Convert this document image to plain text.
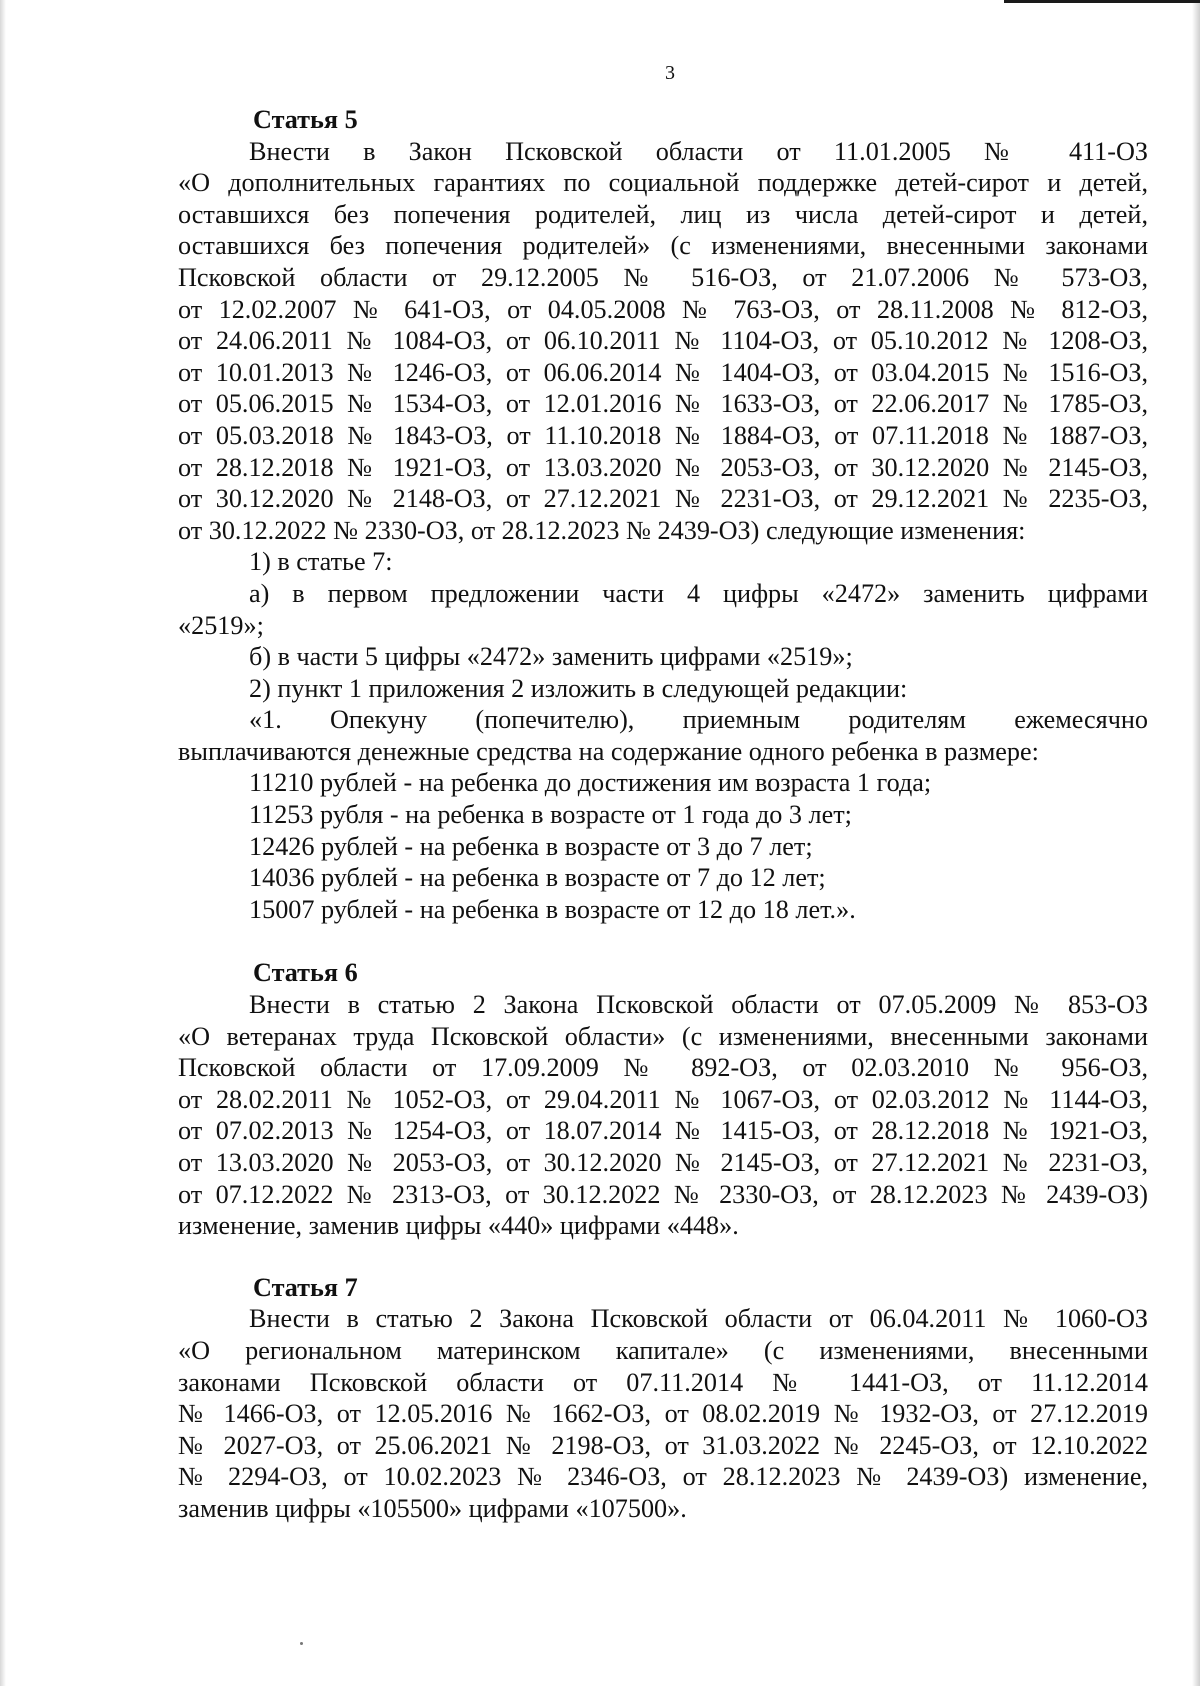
3
Статья 5
Внести в Закон Псковской области от 11.01.2005 № 411-ОЗ
«О дополнительных гарантиях по социальной поддержке детей-сирот и детей,
оставшихся без попечения родителей, лиц из числа детей-сирот и детей,
оставшихся без попечения родителей» (с изменениями, внесенными законами
Псковской области от 29.12.2005 № 516-ОЗ, от 21.07.2006 № 573-ОЗ,
от 12.02.2007 № 641-ОЗ, от 04.05.2008 № 763-ОЗ, от 28.11.2008 № 812-ОЗ,
от 24.06.2011 № 1084-ОЗ, от 06.10.2011 № 1104-ОЗ, от 05.10.2012 № 1208-ОЗ,
от 10.01.2013 № 1246-ОЗ, от 06.06.2014 № 1404-ОЗ, от 03.04.2015 № 1516-ОЗ,
от 05.06.2015 № 1534-ОЗ, от 12.01.2016 № 1633-ОЗ, от 22.06.2017 № 1785-ОЗ,
от 05.03.2018 № 1843-ОЗ, от 11.10.2018 № 1884-ОЗ, от 07.11.2018 № 1887-ОЗ,
от 28.12.2018 № 1921-ОЗ, от 13.03.2020 № 2053-ОЗ, от 30.12.2020 № 2145-ОЗ,
от 30.12.2020 № 2148-ОЗ, от 27.12.2021 № 2231-ОЗ, от 29.12.2021 № 2235-ОЗ,
от 30.12.2022 № 2330-ОЗ, от 28.12.2023 № 2439-ОЗ) следующие изменения:
1) в статье 7:
а) в первом предложении части 4 цифры «2472» заменить цифрами
«2519»;
б) в части 5 цифры «2472» заменить цифрами «2519»;
2) пункт 1 приложения 2 изложить в следующей редакции:
«1. Опекуну (попечителю), приемным родителям ежемесячно
выплачиваются денежные средства на содержание одного ребенка в размере:
11210 рублей - на ребенка до достижения им возраста 1 года;
11253 рубля - на ребенка в возрасте от 1 года до 3 лет;
12426 рублей - на ребенка в возрасте от 3 до 7 лет;
14036 рублей - на ребенка в возрасте от 7 до 12 лет;
15007 рублей - на ребенка в возрасте от 12 до 18 лет.».
Статья 6
Внести в статью 2 Закона Псковской области от 07.05.2009 № 853-ОЗ
«О ветеранах труда Псковской области» (с изменениями, внесенными законами
Псковской области от 17.09.2009 № 892-ОЗ, от 02.03.2010 № 956-ОЗ,
от 28.02.2011 № 1052-ОЗ, от 29.04.2011 № 1067-ОЗ, от 02.03.2012 № 1144-ОЗ,
от 07.02.2013 № 1254-ОЗ, от 18.07.2014 № 1415-ОЗ, от 28.12.2018 № 1921-ОЗ,
от 13.03.2020 № 2053-ОЗ, от 30.12.2020 № 2145-ОЗ, от 27.12.2021 № 2231-ОЗ,
от 07.12.2022 № 2313-ОЗ, от 30.12.2022 № 2330-ОЗ, от 28.12.2023 № 2439-ОЗ)
изменение, заменив цифры «440» цифрами «448».
Статья 7
Внести в статью 2 Закона Псковской области от 06.04.2011 № 1060-ОЗ
«О региональном материнском капитале» (с изменениями, внесенными
законами Псковской области от 07.11.2014 № 1441-ОЗ, от 11.12.2014
№ 1466-ОЗ, от 12.05.2016 № 1662-ОЗ, от 08.02.2019 № 1932-ОЗ, от 27.12.2019
№ 2027-ОЗ, от 25.06.2021 № 2198-ОЗ, от 31.03.2022 № 2245-ОЗ, от 12.10.2022
№ 2294-ОЗ, от 10.02.2023 № 2346-ОЗ, от 28.12.2023 № 2439-ОЗ) изменение,
заменив цифры «105500» цифрами «107500».
